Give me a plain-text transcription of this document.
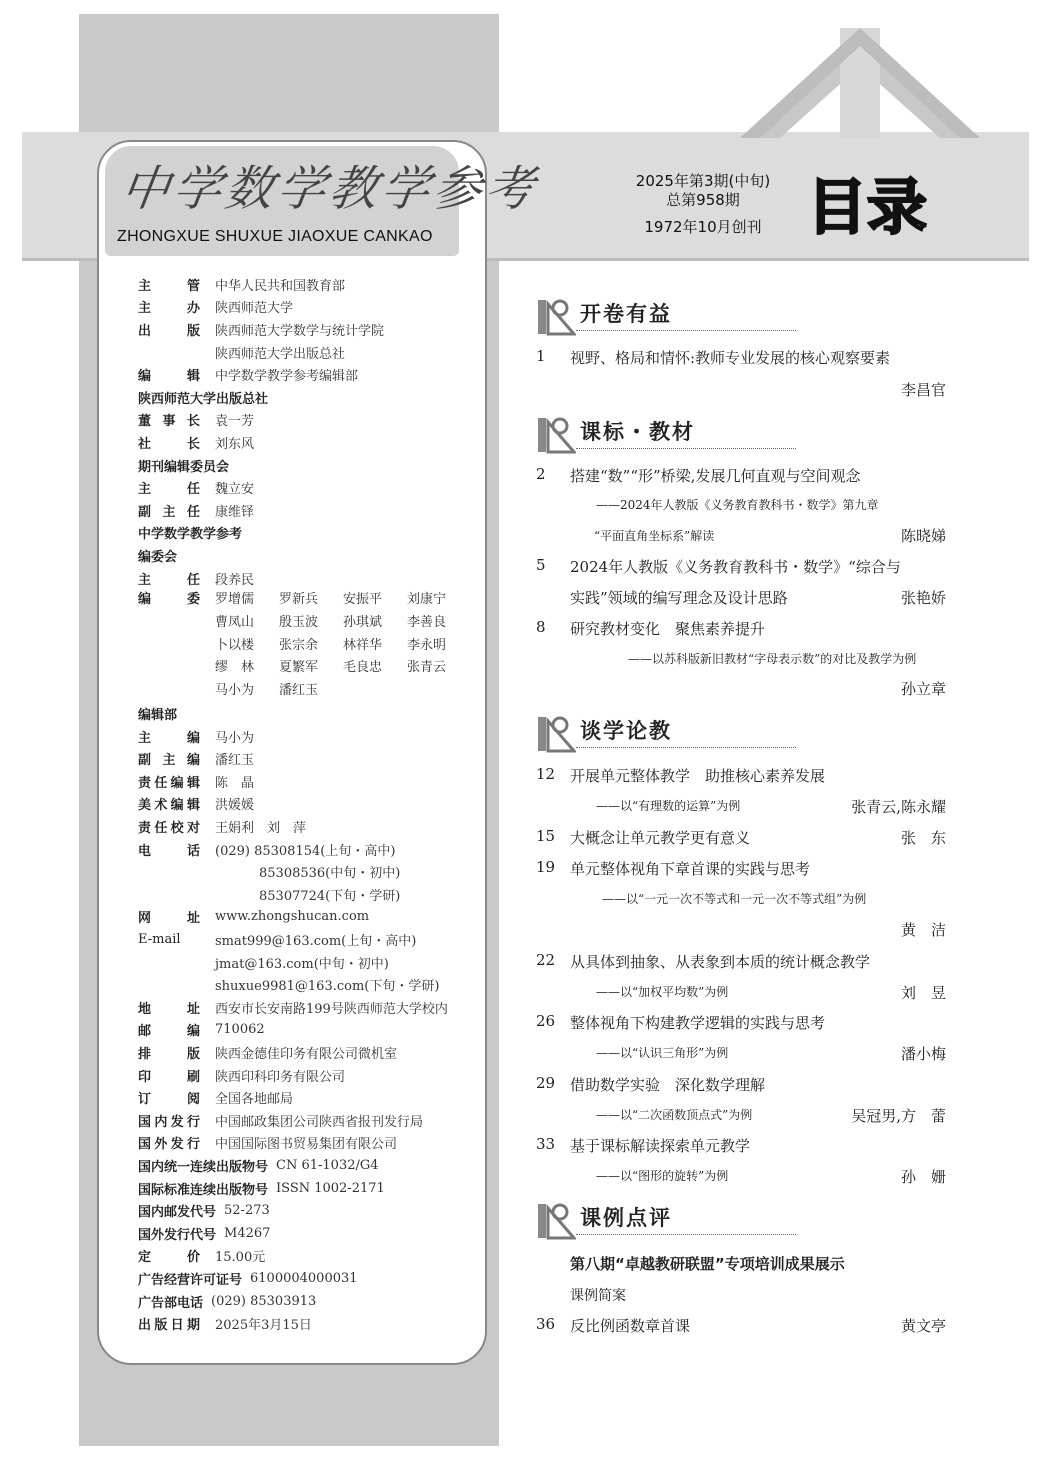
中学数学教学参考
ZHONGXUE SHUXUE JIAOXUE CANKAO
主　管	中华人民共和国教育部
主　办	陕西师范大学
出　版	陕西师范大学数学与统计学院
陕西师范大学出版总社
编　辑	中学数学教学参考编辑部
陕西师范大学出版总社
董事长	袁一芳
社　长	刘东风
期刊编辑委员会
主　任	魏立安
副主任	康维铎
中学数学教学参考
编委会
主　任	段养民
编　委	罗增儒	罗新兵	安振平	刘康宁
曹凤山	殷玉波	孙琪斌	李善良
卜以楼	张宗余	林祥华	李永明
缪　林	夏繁军	毛良忠	张青云
马小为	潘红玉
编辑部
主　编	马小为
副主编	潘红玉
责任编辑	陈　晶
美术编辑	洪媛媛
责任校对	王娟利　刘　萍
电　话	(029) 85308154(上旬・高中)
85308536(中旬・初中)
85307724(下旬・学研)
网　址	www.zhongshucan.com
E-mail	smat999@163.com(上旬・高中)
jmat@163.com(中旬・初中)
shuxue9981@163.com(下旬・学研)
地　址	西安市长安南路199号陕西师范大学校内
邮　编	710062
排　版	陕西金德佳印务有限公司微机室
印　刷	陕西印科印务有限公司
订　阅	全国各地邮局
国内发行	中国邮政集团公司陕西省报刊发行局
国外发行	中国国际图书贸易集团有限公司
国内统一连续出版物号 CN 61-1032/G4
国际标准连续出版物号 ISSN 1002-2171
国内邮发代号 52-273
国外发行代号 M4267
定　价	15.00元
广告经营许可证号 6100004000031
广告部电话 (029) 85303913
出版日期	2025年3月15日
2025年第3期(中旬)
总第958期
1972年10月创刊 目录
开卷有益
课标・教材
谈学论教
课例点评
1 视野、格局和情怀:教师专业发展的核心观察要素
李昌官
2 搭建“数”“形”桥梁,发展几何直观与空间观念
——2024年人教版《义务教育教科书・数学》第九章
“平面直角坐标系”解读	陈晓娣
5 2024年人教版《义务教育教科书・数学》“综合与
实践”领域的编写理念及设计思路	张艳娇
8 研究教材变化　聚焦素养提升
——以苏科版新旧教材“字母表示数”的对比及教学为例
孙立章
12 开展单元整体教学　助推核心素养发展
——以“有理数的运算”为例	张青云,陈永耀
15 大概念让单元教学更有意义	张　东
19 单元整体视角下章首课的实践与思考
——以“一元一次不等式和一元一次不等式组”为例
黄　洁
22 从具体到抽象、从表象到本质的统计概念教学
——以“加权平均数”为例	刘　昱
26 整体视角下构建教学逻辑的实践与思考
——以“认识三角形”为例	潘小梅
29 借助数学实验　深化数学理解
——以“二次函数顶点式”为例	吴冠男,方　蕾
33 基于课标解读探索单元教学
——以“图形的旋转”为例	孙　姗
第八期“卓越教研联盟”专项培训成果展示
课例简案
36 反比例函数章首课	黄文亭
